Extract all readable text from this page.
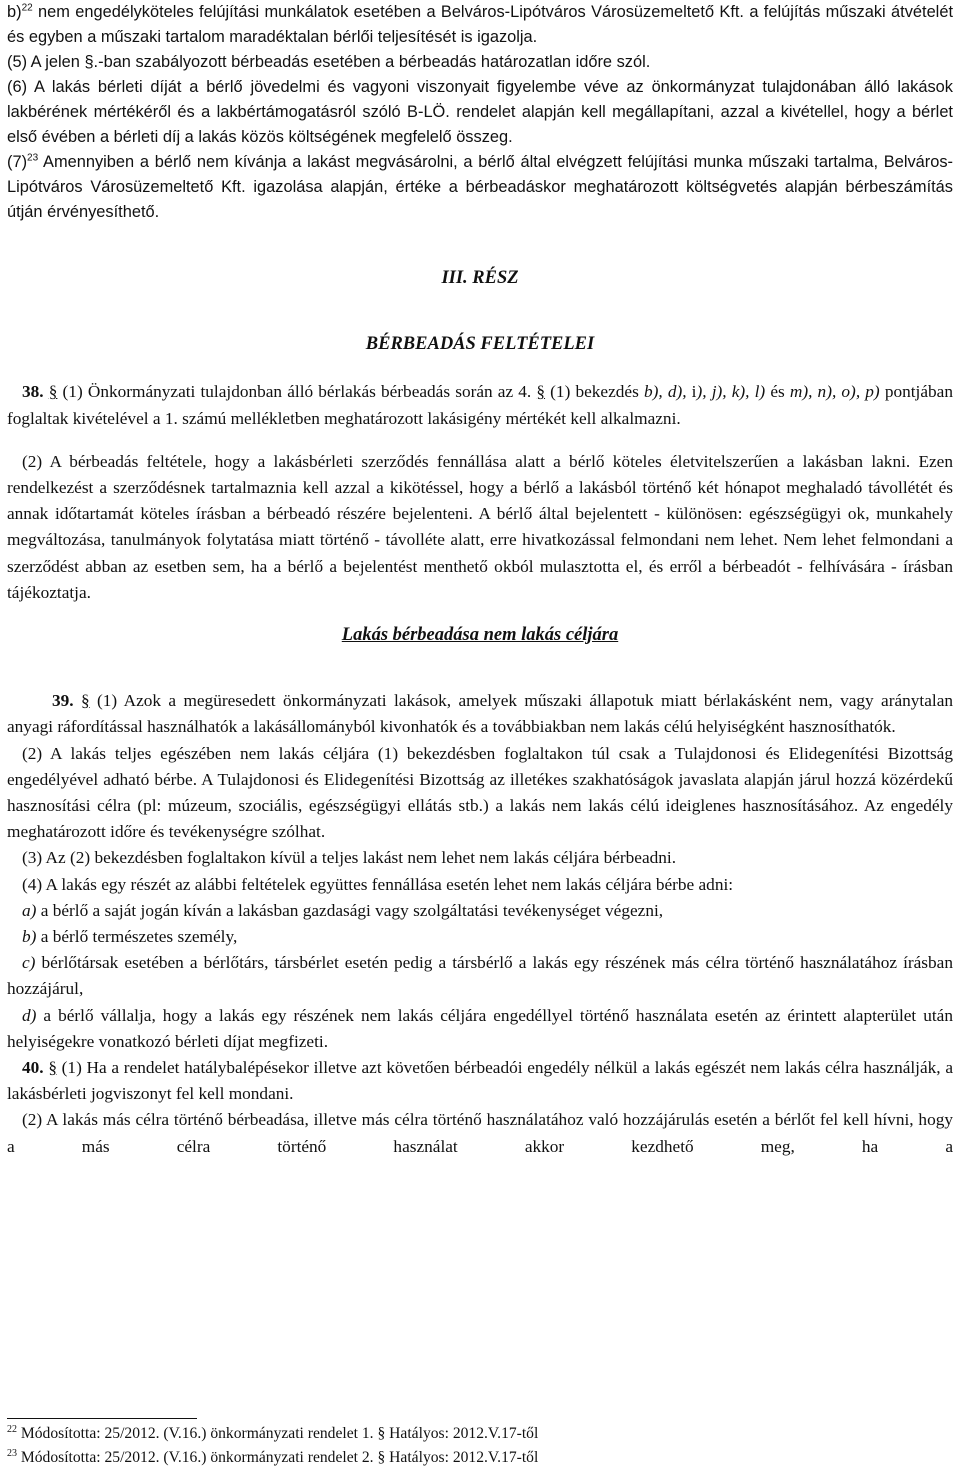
b)$^{22}$ nem engedélyköteles felújítási munkálatok esetében a Belváros-Lipótváros Városüzemeltető Kft. a felújítás műszaki átvételét és egyben a műszaki tartalom maradéktalan bérlői teljesítését is igazolja.

(5) A jelen §.-ban szabályozott bérbeadás esetében a bérbeadás határozatlan időre szól.

(6) A lakás bérleti díját a bérlő jövedelmi és vagyoni viszonyait figyelembe véve az önkormányzat tulajdonában álló lakások lakbérének mértékéről és a lakbértámogatásról szóló B-LÖ. rendelet alapján kell megállapítani, azzal a kivétellel, hogy a bérlet első évében a bérleti díj a lakás közös költségének megfelelő összeg.

$(7)^{23}$ Amennyiben a bérlő nem kívánja a lakást megvásárolni, a bérlő által elvégzett felújítási munka műszaki tartalma, Belváros-Lipótváros Városüzemeltető Kft. igazolása alapján, értéke a bérbeadáskor meghatározott költségvetés alapján bérbeszámítás útján érvényesíthető.

III. RÉSZ

BÉRBEADÁS FELTÉTELEI

38. § (1) Önkormányzati tulajdonban álló bérlakás bérbeadás során az 4. § (1) bekezdés b), d), i), j), k), l) és m), n), o), p) pontjában foglaltak kivételével a 1. számú mellékletben meghatározott lakásigény mértékét kell alkalmazni.

(2) A bérbeadás feltétele, hogy a lakásbérleti szerződés fennállása alatt a bérlő köteles életvitelszerűen a lakásban lakni. Ezen rendelkezést a szerződésnek tartalmaznia kell azzal a kikötéssel, hogy a bérlő a lakásból történő két hónapot meghaladó távollétét és annak időtartamát köteles írásban a bérbeadó részére bejelenteni. A bérlő által bejelentett - különösen: egészségügyi ok, munkahely megváltozása, tanulmányok folytatása miatt történő - távolléte alatt, erre hivatkozással felmondani nem lehet. Nem lehet felmondani a szerződést abban az esetben sem, ha a bérlő a bejelentést menthető okból mulasztotta el, és erről a bérbeadót - felhívására - írásban tájékoztatja.

Lakás bérbeadása nem lakás céljára

39. § (1) Azok a megüresedett önkormányzati lakások, amelyek műszaki állapotuk miatt bérlakásként nem, vagy aránytalan anyagi ráfordítással használhatók a lakásállományból kivonhatók és a továbbiakban nem lakás célú helyiségként hasznosíthatók.

(2) A lakás teljes egészében nem lakás céljára (1) bekezdésben foglaltakon túl csak a Tulajdonosi és Elidegenítési Bizottság engedélyével adható bérbe. A Tulajdonosi és Elidegenítési Bizottság az illetékes szakhatóságok javaslata alapján járul hozzá közérdekű hasznosítási célra (pl: múzeum, szociális, egészségügyi ellátás stb.) a lakás nem lakás célú ideiglenes hasznosításához. Az engedély meghatározott időre és tevékenységre szólhat.

(3) Az (2) bekezdésben foglaltakon kívül a teljes lakást nem lehet nem lakás céljára bérbeadni.

(4) A lakás egy részét az alábbi feltételek együttes fennállása esetén lehet nem lakás céljára bérbe adni:

a) a bérlő a saját jogán kíván a lakásban gazdasági vagy szolgáltatási tevékenységet végezni,

b) a bérlő természetes személy,

c) bérlőtársak esetében a bérlőtárs, társbérlet esetén pedig a társbérlő a lakás egy részének más célra történő használatához írásban hozzájárul,

d) a bérlő vállalja, hogy a lakás egy részének nem lakás céljára engedéllyel történő használata esetén az érintett alapterület után helyiségekre vonatkozó bérleti díjat megfizeti.

40. § (1) Ha a rendelet hatálybalépésekor illetve azt követően bérbeadói engedély nélkül a lakás egészét nem lakás célra használják, a lakásbérleti jogviszonyt fel kell mondani.

(2) A lakás más célra történő bérbeadása, illetve más célra történő használatához való hozzájárulás esetén a bérlőt fel kell hívni, hogy a más célra történő használat akkor kezdhető meg, ha a

$^{22}$ Módosította: 25/2012. (V.16.) önkormányzati rendelet 1. § Hatályos: 2012.V.17-től

$^{23}$ Módosította: 25/2012. (V.16.) önkormányzati rendelet 2. § Hatályos: 2012.V.17-től
